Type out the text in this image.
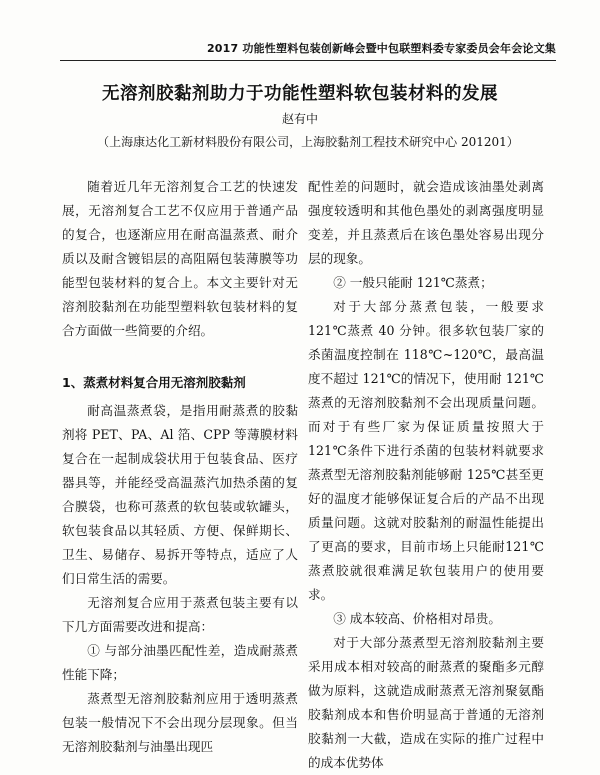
2017 功能性塑料包装创新峰会暨中包联塑料委专家委员会年会论文集
无溶剂胶黏剂助力于功能性塑料软包装材料的发展
赵有中
（上海康达化工新材料股份有限公司，上海胶黏剂工程技术研究中心 201201）

随着近几年无溶剂复合工艺的快速发展，无溶剂复合工艺不仅应用于普通产品的复合，也逐渐应用在耐高温蒸煮、耐介质以及耐含镀铝层的高阻隔包装薄膜等功能型包装材料的复合上。本文主要针对无溶剂胶黏剂在功能型塑料软包装材料的复合方面做一些简要的介绍。

1、蒸煮材料复合用无溶剂胶黏剂

耐高温蒸煮袋，是指用耐蒸煮的胶黏剂将 PET、PA、Al 箔、CPP 等薄膜材料复合在一起制成袋状用于包装食品、医疗器具等，并能经受高温蒸汽加热杀菌的复合膜袋，也称可蒸煮的软包装或软罐头，软包装食品以其轻质、方便、保鲜期长、卫生、易储存、易拆开等特点，适应了人们日常生活的需要。

无溶剂复合应用于蒸煮包装主要有以下几方面需要改进和提高：

① 与部分油墨匹配性差，造成耐蒸煮性能下降；

蒸煮型无溶剂胶黏剂应用于透明蒸煮包装一般情况下不会出现分层现象。但当无溶剂胶黏剂与油墨出现匹

配性差的问题时，就会造成该油墨处剥离强度较透明和其他色墨处的剥离强度明显变差，并且蒸煮后在该色墨处容易出现分层的现象。

② 一般只能耐 121℃蒸煮；

对于大部分蒸煮包装，一般要求121℃蒸煮 40 分钟。很多软包装厂家的杀菌温度控制在 118℃~120℃，最高温度不超过 121℃的情况下，使用耐 121℃蒸煮的无溶剂胶黏剂不会出现质量问题。而对于有些厂家为保证质量按照大于 121℃条件下进行杀菌的包装材料就要求蒸煮型无溶剂胶黏剂能够耐 125℃甚至更好的温度才能够保证复合后的产品不出现质量问题。这就对胶黏剂的耐温性能提出了更高的要求，目前市场上只能耐121℃蒸煮胶就很难满足软包装用户的使用要求。

③ 成本较高、价格相对昂贵。

对于大部分蒸煮型无溶剂胶黏剂主要采用成本相对较高的耐蒸煮的聚酯多元醇做为原料，这就造成耐蒸煮无溶剂聚氨酯胶黏剂成本和售价明显高于普通的无溶剂胶黏剂一大截，造成在实际的推广过程中的成本优势体
